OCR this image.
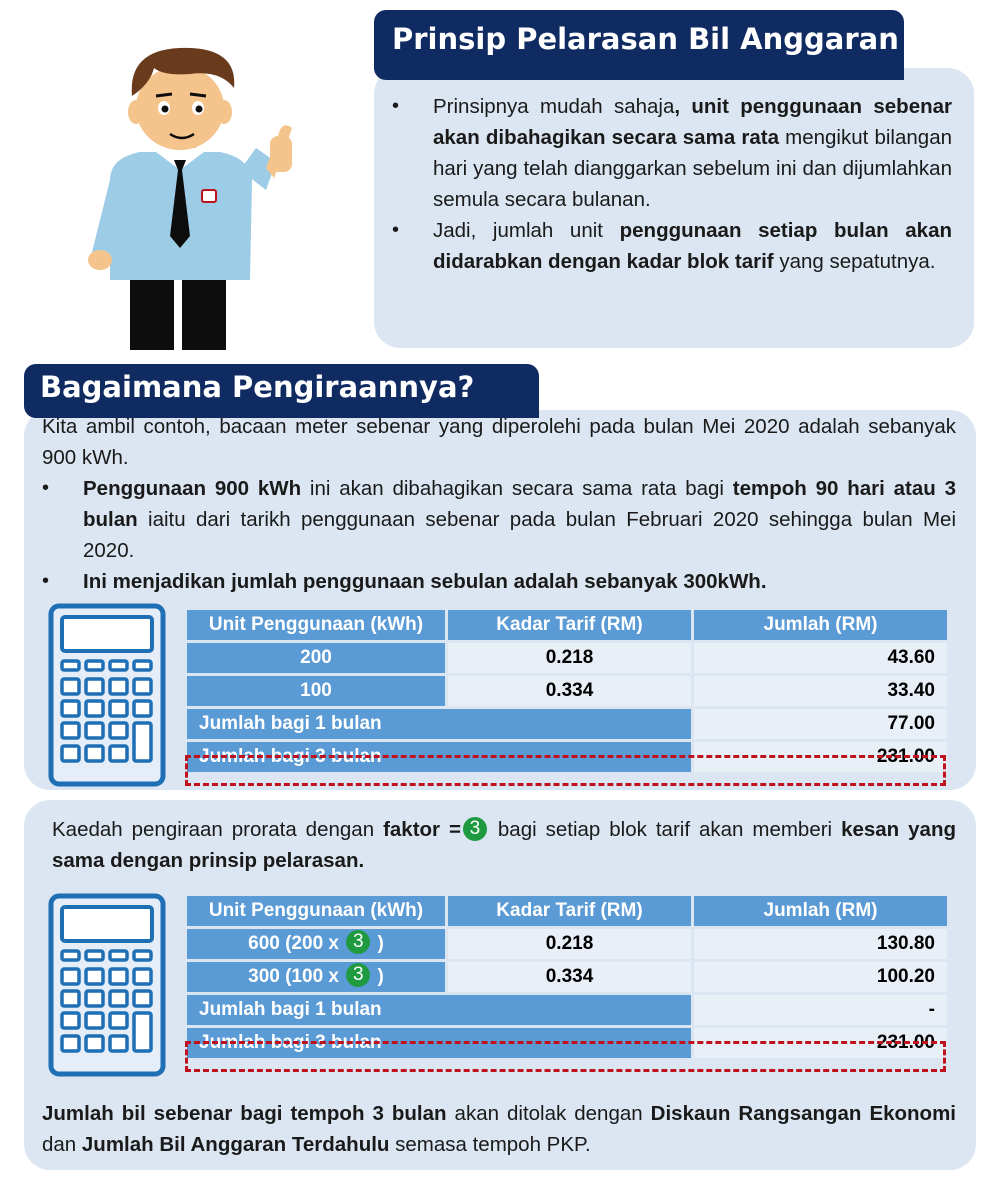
Prinsip Pelarasan Bil Anggaran
• Prinsipnya mudah sahaja, unit penggunaan sebenar akan dibahagikan secara sama rata mengikut bilangan hari yang telah dianggarkan sebelum ini dan dijumlahkan semula secara bulanan.
• Jadi, jumlah unit penggunaan setiap bulan akan didarabkan dengan kadar blok tarif yang sepatutnya.
Bagaimana Pengiraannya?
Kita ambil contoh, bacaan meter sebenar yang diperolehi pada bulan Mei 2020 adalah sebanyak 900 kWh.
• Penggunaan 900 kWh ini akan dibahagikan secara sama rata bagi tempoh 90 hari atau 3 bulan iaitu dari tarikh penggunaan sebenar pada bulan Februari 2020 sehingga bulan Mei 2020.
• Ini menjadikan jumlah penggunaan sebulan adalah sebanyak 300kWh.
Unit Penggunaan (kWh)	Kadar Tarif (RM)	Jumlah (RM)
200	0.218	43.60
100	0.334	33.40
Jumlah bagi 1 bulan		77.00
Jumlah bagi 3 bulan		231.00
Kaedah pengiraan prorata dengan faktor = 3 bagi setiap blok tarif akan memberi kesan yang sama dengan prinsip pelarasan.
Unit Penggunaan (kWh)	Kadar Tarif (RM)	Jumlah (RM)
600 (200 x 3 )	0.218	130.80
300 (100 x 3 )	0.334	100.20
Jumlah bagi 1 bulan		-
Jumlah bagi 3 bulan		231.00
Jumlah bil sebenar bagi tempoh 3 bulan akan ditolak dengan Diskaun Rangsangan Ekonomi dan Jumlah Bil Anggaran Terdahulu semasa tempoh PKP.
